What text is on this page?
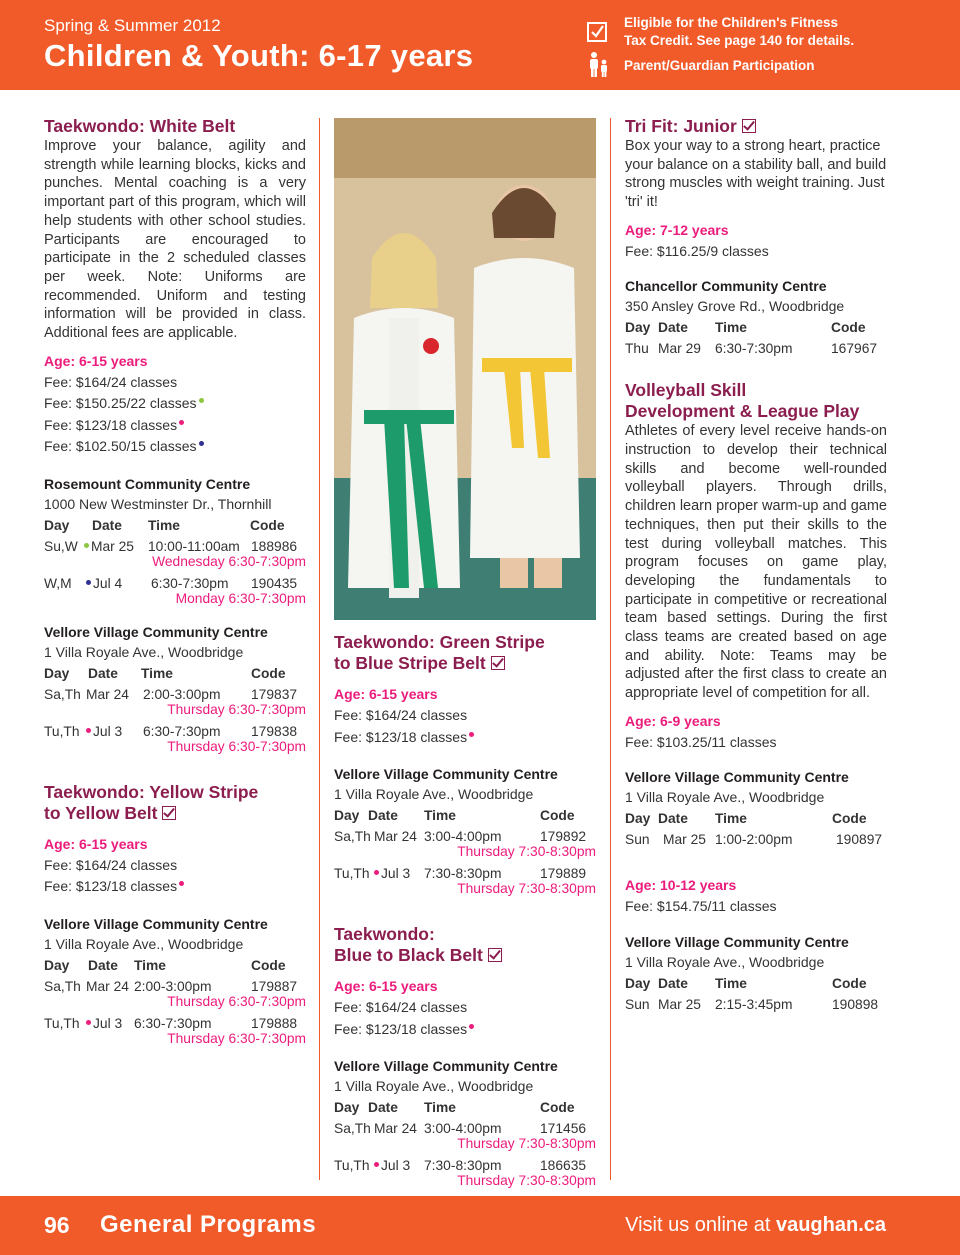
Spring & Summer 2012
Children & Youth: 6-17 years
Eligible for the Children's Fitness
Tax Credit. See page 140 for details.
Parent/Guardian Participation
Taekwondo: White Belt

Improve your balance, agility and strength while learning blocks, kicks and punches. Mental coaching is a very important part of this program, which will help students with other school studies. Participants are encouraged to participate in the 2 scheduled classes per week. Note: Uniforms are recommended. Uniform and testing information will be provided in class. Additional fees are applicable.

Age: 6-15 years
Fee: $164/24 classes
Fee: $150.25/22 classes
Fee: $123/18 classes
Fee: $102.50/15 classes
Rosemount Community Centre
1000 New Westminster Dr., Thornhill
Day	Date	Time	Code
Su,W Mar 25	10:00-11:00am 188986
Wednesday 6:30-7:30pm
W,M	Jul 4	6:30-7:30pm	190435
Monday 6:30-7:30pm
Vellore Village Community Centre
1 Villa Royale Ave., Woodbridge
Day	Date	Time	Code
Sa,Th Mar 24	2:00-3:00pm	179837
Thursday 6:30-7:30pm
Tu,Th Jul 3	6:30-7:30pm	179838
Thursday 6:30-7:30pm
Taekwondo: Yellow Stripe
to Yellow Belt
Age: 6-15 years
Fee: $164/24 classes
Fee: $123/18 classes
Vellore Village Community Centre
1 Villa Royale Ave., Woodbridge
Day	Date	Time	Code
Sa,Th Mar 24 2:00-3:00pm	179887
Thursday 6:30-7:30pm
Tu,Th Jul 3 6:30-7:30pm	179888
Thursday 6:30-7:30pm
Taekwondo: Green Stripe
to Blue Stripe Belt
Age: 6-15 years
Fee: $164/24 classes
Fee: $123/18 classes
Vellore Village Community Centre
1 Villa Royale Ave., Woodbridge
Day Date	Time	Code
Sa,Th Mar 24 3:00-4:00pm	179892
Thursday 7:30-8:30pm
Tu,Th Jul 3	7:30-8:30pm	179889
Thursday 7:30-8:30pm
Taekwondo:
Blue to Black Belt
Age: 6-15 years
Fee: $164/24 classes
Fee: $123/18 classes
Vellore Village Community Centre
1 Villa Royale Ave., Woodbridge
Day Date	Time	Code
Sa,Th Mar 24 3:00-4:00pm	171456
Thursday 7:30-8:30pm
Tu,Th Jul 3	7:30-8:30pm	186635
Thursday 7:30-8:30pm
Tri Fit: Junior

Box your way to a strong heart, practice your balance on a stability ball, and build strong muscles with weight training. Just 'tri' it!

Age: 7-12 years
Fee: $116.25/9 classes
Chancellor Community Centre
350 Ansley Grove Rd., Woodbridge
Day Date	Time	Code
Thu Mar 29	6:30-7:30pm	167967
Volleyball Skill
Development & League Play

Athletes of every level receive hands-on instruction to develop their technical skills and become well-rounded volleyball players. Through drills, children learn proper warm-up and game techniques, then put their skills to the test during volleyball matches. This program focuses on game play, developing the fundamentals to participate in competitive or recreational team based settings. During the first class teams are created based on age and ability. Note: Teams may be adjusted after the first class to create an appropriate level of competition for all.

Age: 6-9 years
Fee: $103.25/11 classes
Vellore Village Community Centre
1 Villa Royale Ave., Woodbridge
Day Date	Time	Code
Sun Mar 25 1:00-2:00pm	190897
Age: 10-12 years
Fee: $154.75/11 classes
Vellore Village Community Centre
1 Villa Royale Ave., Woodbridge
Day Date	Time	Code
Sun Mar 25	2:15-3:45pm	190898
96 General Programs	Visit us online at vaughan.ca
